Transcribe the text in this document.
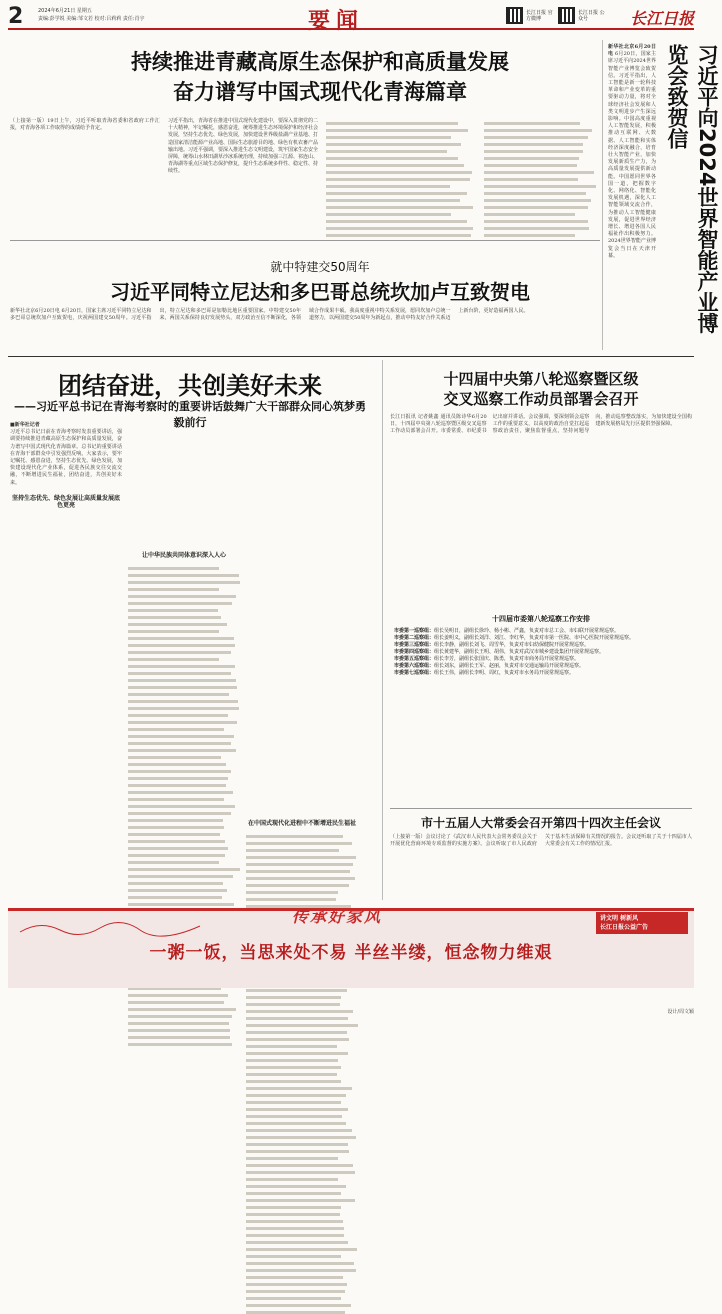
2	2024年6月21日 星期五
责编:彭学锐 美编:邹文若 校对:吕莉莉 责任:肖宇	要闻	长江日报 官方微博
长江日报 公众号	长江日报
持续推进青藏高原生态保护和高质量发展
奋力谱写中国式现代化青海篇章
（上接第一版）19日上午，习近平听取青海省委和省政府工作汇报，对青海各项工作取得的成绩给予肯定。
习近平指出，青海省在推进中国式现代化建设中，要深入贯彻党的二十大精神，牢记嘱托，感恩奋进，统筹推进生态环境保护和经济社会发展，坚持生态优先、绿色发展，加快建设世界级盐湖产业基地、打造国家清洁能源产业高地、国际生态旅游目的地、绿色有机农畜产品输出地。习近平强调，要深入推进生态文明建设，筑牢国家生态安全屏障，统筹山水林田湖草沙冰系统治理，持续加强三江源、祁连山、青海湖等重点区域生态保护修复，提升生态系统多样性、稳定性、持续性。	习近平向2024世界智能产业博览会致贺信
新华社北京6月20日电 6月20日，国家主席习近平向2024世界智能产业博览会致贺信。习近平指出，人工智能是新一轮科技革命和产业变革的重要驱动力量，将对全球经济社会发展和人类文明进步产生深远影响。中国高度重视人工智能发展，积极推动互联网、大数据、人工智能和实体经济深度融合，培育壮大智能产业，加快发展新质生产力，为高质量发展提供新动能。中国愿同世界各国一道，把握数字化、网络化、智能化发展机遇，深化人工智能领域交流合作，为推动人工智能健康发展，促进世界经济增长、增进各国人民福祉作出积极努力。2024世界智能产业博览会当日在天津开幕。
就中特建交50周年
习近平同特立尼达和多巴哥总统坎加卢互致贺电
新华社北京6月20日电 6月20日，国家主席习近平同特立尼达和多巴哥总统坎加卢互致贺电，庆祝两国建交50周年。习近平指出，特立尼达和多巴哥是加勒比地区重要国家。中特建交50年来，两国关系保持良好发展势头，双方政治互信不断深化，各领域合作成果丰硕。我高度重视中特关系发展，愿同坎加卢总统一道努力，以两国建交50周年为新起点，推动中特友好合作关系迈上新台阶，更好造福两国人民。
团结奋进，共创美好未来
——习近平总书记在青海考察时的重要讲话鼓舞广大干部群众同心筑梦勇毅前行
■新华社记者
习近平总书记日前在青海考察时发表重要讲话，强调要持续推进青藏高原生态保护和高质量发展，奋力谱写中国式现代化青海篇章。总书记的重要讲话在青海干部群众中引发强烈反响。大家表示，要牢记嘱托、感恩奋进，坚持生态优先、绿色发展，加快建设现代化产业体系，促进各民族交往交流交融，不断增进民生福祉，团结奋进，共创美好未来。
坚持生态优先、绿色发展让高质量发展底色更亮
让中华民族共同体意识深入人心
在中国式现代化进程中不断增进民生福祉
十四届中央第八轮巡察暨区级
交叉巡察工作动员部署会召开
长江日报讯 记者姚鑫 通讯员陈诗华6月20日，十四届中央第八轮巡察暨区级交叉巡察工作动员部署会召开。市委常委、市纪委书记出席并讲话。会议强调，要深刻领会巡察工作的重要意义，以高度的政治自觉扛起巡察政治责任，聚焦监督重点，坚持问题导向，推动巡察整改落实，为加快建设全国构建新发展格局先行区提供坚强保障。
十四届市委第八轮巡察工作安排
市委第一巡察组：组长吴明日，副组长徐玲、杨小彬、严鑫，负责对市总工会、市妇联开展常规巡察。
市委第二巡察组：组长姜明义，副组长刘洋、刘江、李红华，负责对市第一医院、市中心医院开展常规巡察。
市委第三巡察组：组长李静，副组长刘飞、周雪华，负责对市妇幼保健院开展常规巡察。
市委第四巡察组：组长黄建华，副组长王明、胡伟，负责对武汉市城乡建设集团开展常规巡察。
市委第五巡察组：组长李芳，副组长张国庆、陈勇，负责对市商务局开展常规巡察。
市委第六巡察组：组长刘东，副组长王军、赵丽，负责对市交通运输局开展常规巡察。
市委第七巡察组：组长王伟，副组长李明、周红，负责对市水务局开展常规巡察。
市十五届人大常委会召开第四十四次主任会议
（上接第一版）会议讨论了《武汉市人民代表大会常务委员会关于开展优化营商环境专项监督的实施方案》。会议听取了市人民政府关于基本生活保障有关情况的报告。会议还听取了关于十四届市人大常委会有关工作的情况汇报。
传承好家风	讲文明 树新风
长江日报公益广告
一粥一饭，当思来处不易 半丝半缕，恒念物力维艰
设计/周文颖
